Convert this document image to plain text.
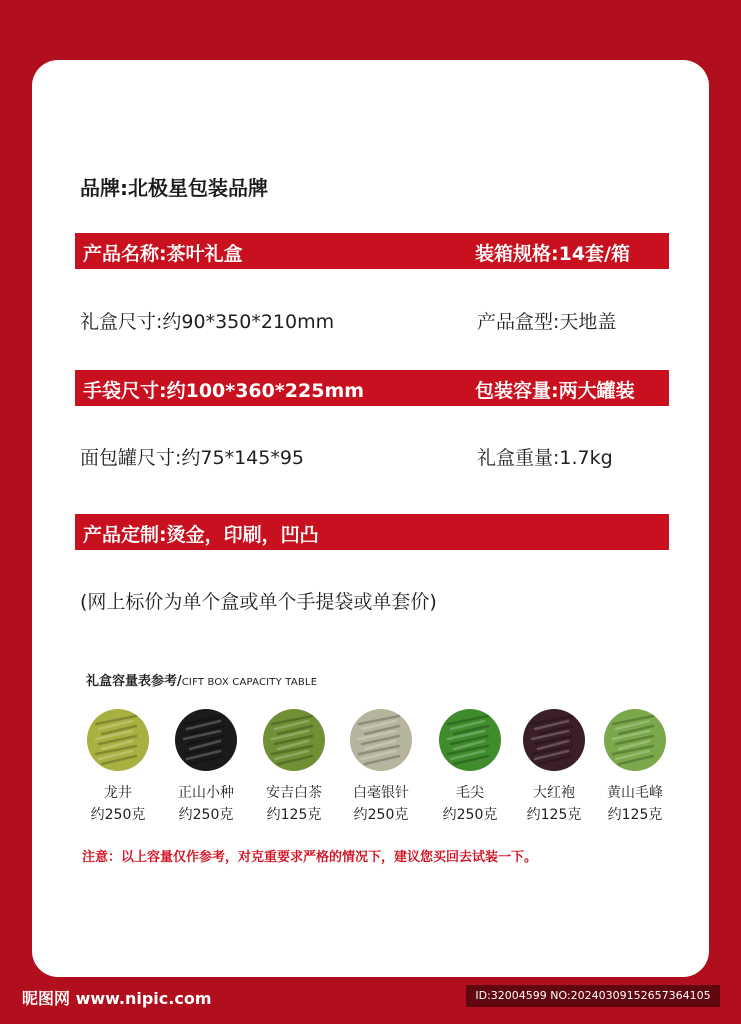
品牌:北极星包装品牌
产品名称:茶叶礼盒	装箱规格:14套/箱
礼盒尺寸:约90*350*210mm	产品盒型:天地盖
手袋尺寸:约100*360*225mm	包装容量:两大罐装
面包罐尺寸:约75*145*95	礼盒重量:1.7kg
产品定制:烫金，印刷，凹凸
(网上标价为单个盒或单个手提袋或单套价)
礼盒容量表参考/CIFT BOX CAPACITY TABLE
龙井
约250克
正山小种
约250克
安吉白茶
约125克
白毫银针
约250克
毛尖
约250克
大红袍
约125克
黄山毛峰
约125克
注意：以上容量仅作参考，对克重要求严格的情况下，建议您买回去试装一下。
昵图网 www.nipic.com	ID:32004599 NO:20240309152657364105
